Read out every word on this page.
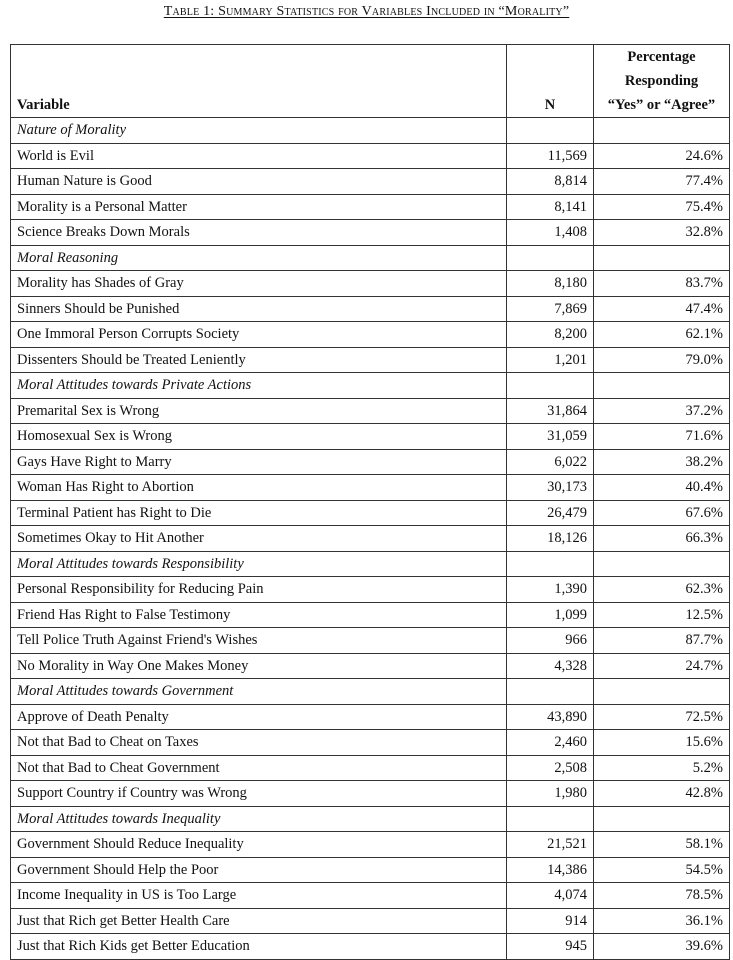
Table 1: Summary Statistics for Variables Included in “Morality”
Variable	N	Percentage
Responding
“Yes” or “Agree”
Nature of Morality		
World is Evil	11,569	24.6%
Human Nature is Good	8,814	77.4%
Morality is a Personal Matter	8,141	75.4%
Science Breaks Down Morals	1,408	32.8%
Moral Reasoning		
Morality has Shades of Gray	8,180	83.7%
Sinners Should be Punished	7,869	47.4%
One Immoral Person Corrupts Society	8,200	62.1%
Dissenters Should be Treated Leniently	1,201	79.0%
Moral Attitudes towards Private Actions		
Premarital Sex is Wrong	31,864	37.2%
Homosexual Sex is Wrong	31,059	71.6%
Gays Have Right to Marry	6,022	38.2%
Woman Has Right to Abortion	30,173	40.4%
Terminal Patient has Right to Die	26,479	67.6%
Sometimes Okay to Hit Another	18,126	66.3%
Moral Attitudes towards Responsibility		
Personal Responsibility for Reducing Pain	1,390	62.3%
Friend Has Right to False Testimony	1,099	12.5%
Tell Police Truth Against Friend's Wishes	966	87.7%
No Morality in Way One Makes Money	4,328	24.7%
Moral Attitudes towards Government		
Approve of Death Penalty	43,890	72.5%
Not that Bad to Cheat on Taxes	2,460	15.6%
Not that Bad to Cheat Government	2,508	5.2%
Support Country if Country was Wrong	1,980	42.8%
Moral Attitudes towards Inequality		
Government Should Reduce Inequality	21,521	58.1%
Government Should Help the Poor	14,386	54.5%
Income Inequality in US is Too Large	4,074	78.5%
Just that Rich get Better Health Care	914	36.1%
Just that Rich Kids get Better Education	945	39.6%
